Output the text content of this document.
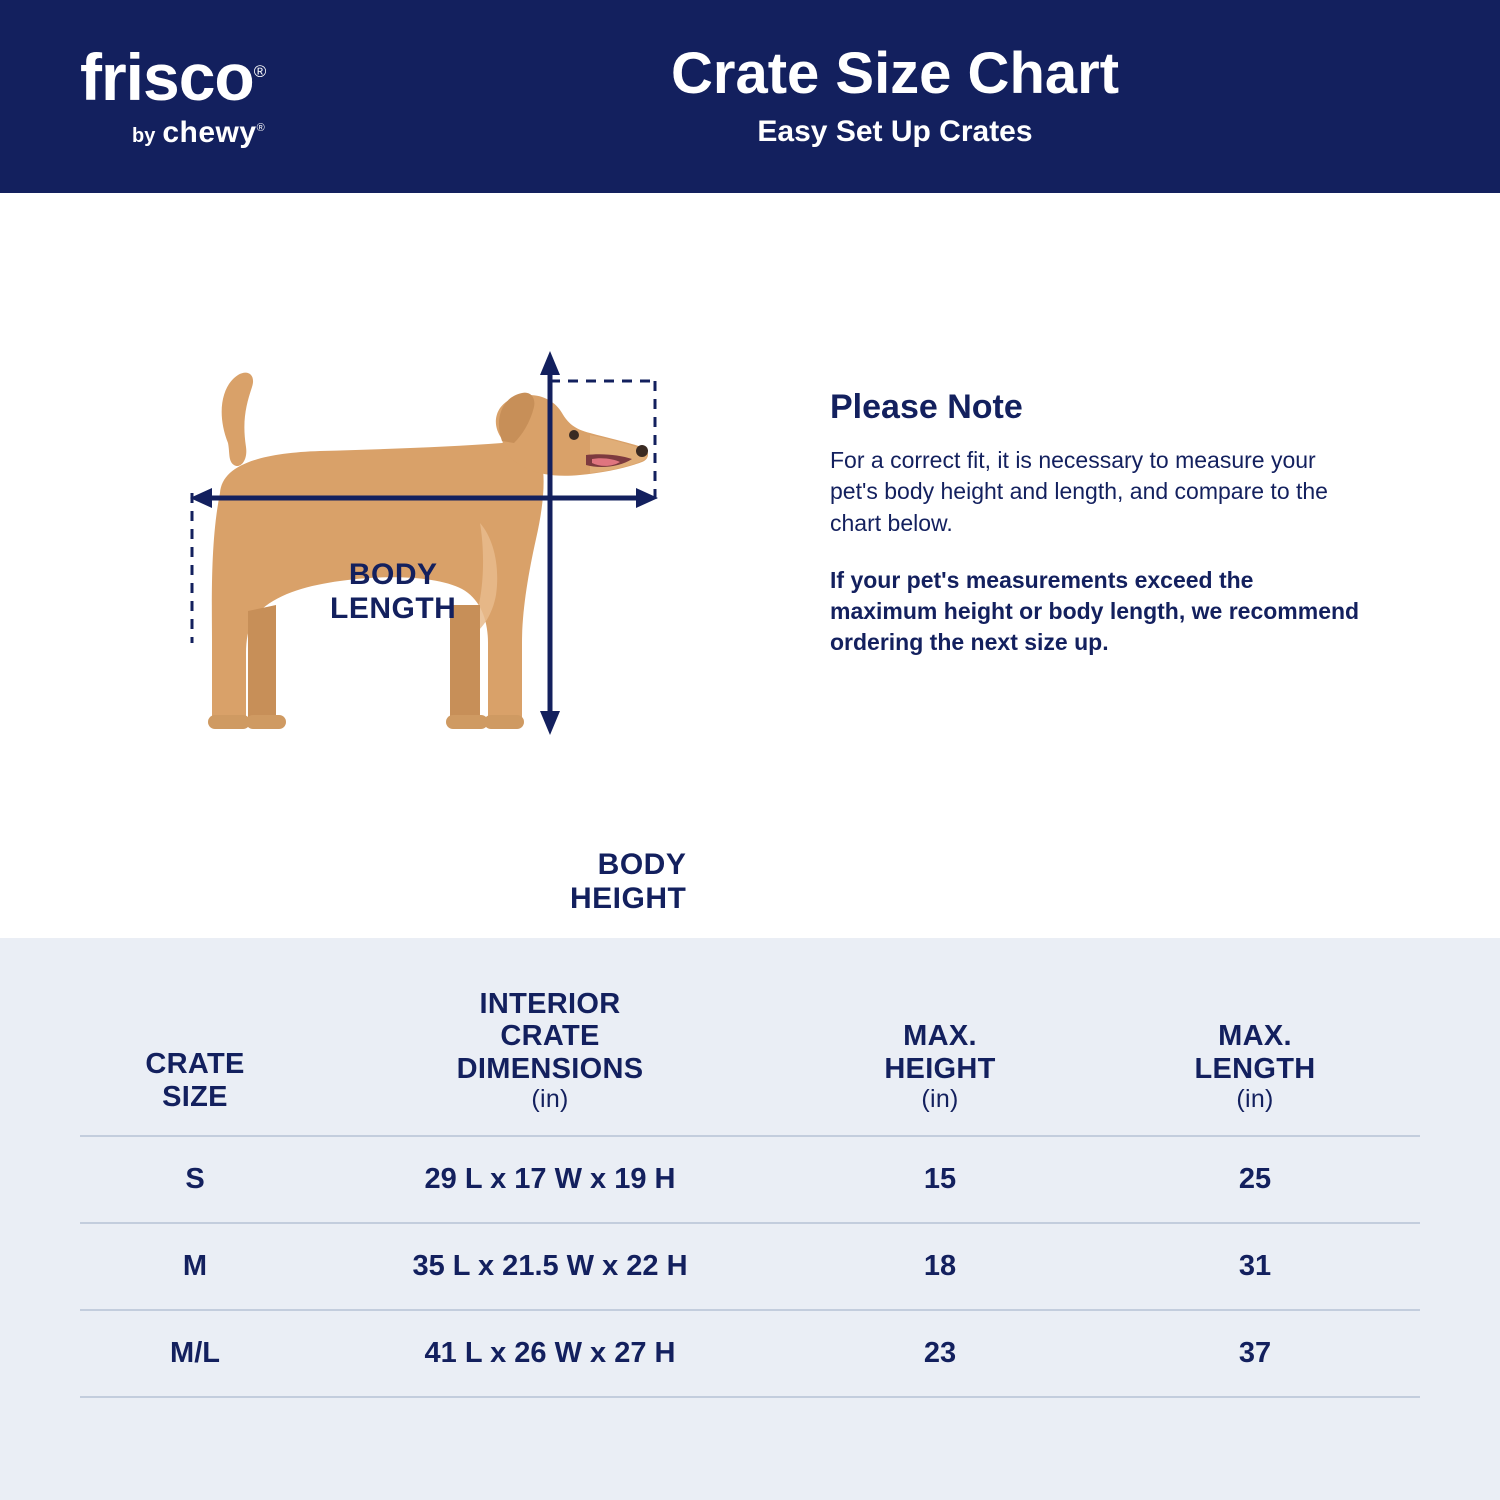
frisco®
by chewy®
Crate Size Chart
Easy Set Up Crates
BODY
LENGTH
BODY
HEIGHT
Please Note
For a correct fit, it is necessary to measure your pet's body height and length, and compare to the chart below.
If your pet's measurements exceed the maximum height or body length, we recommend ordering the next size up.
CRATE
SIZE

INTERIOR
CRATE
DIMENSIONS
(in)

MAX.
HEIGHT
(in)

MAX.
LENGTH
(in)

S	29 L x 17 W x 19 H	15	25
M	35 L x 21.5 W x 22 H	18	31
M/L	41 L x 26 W x 27 H	23	37
